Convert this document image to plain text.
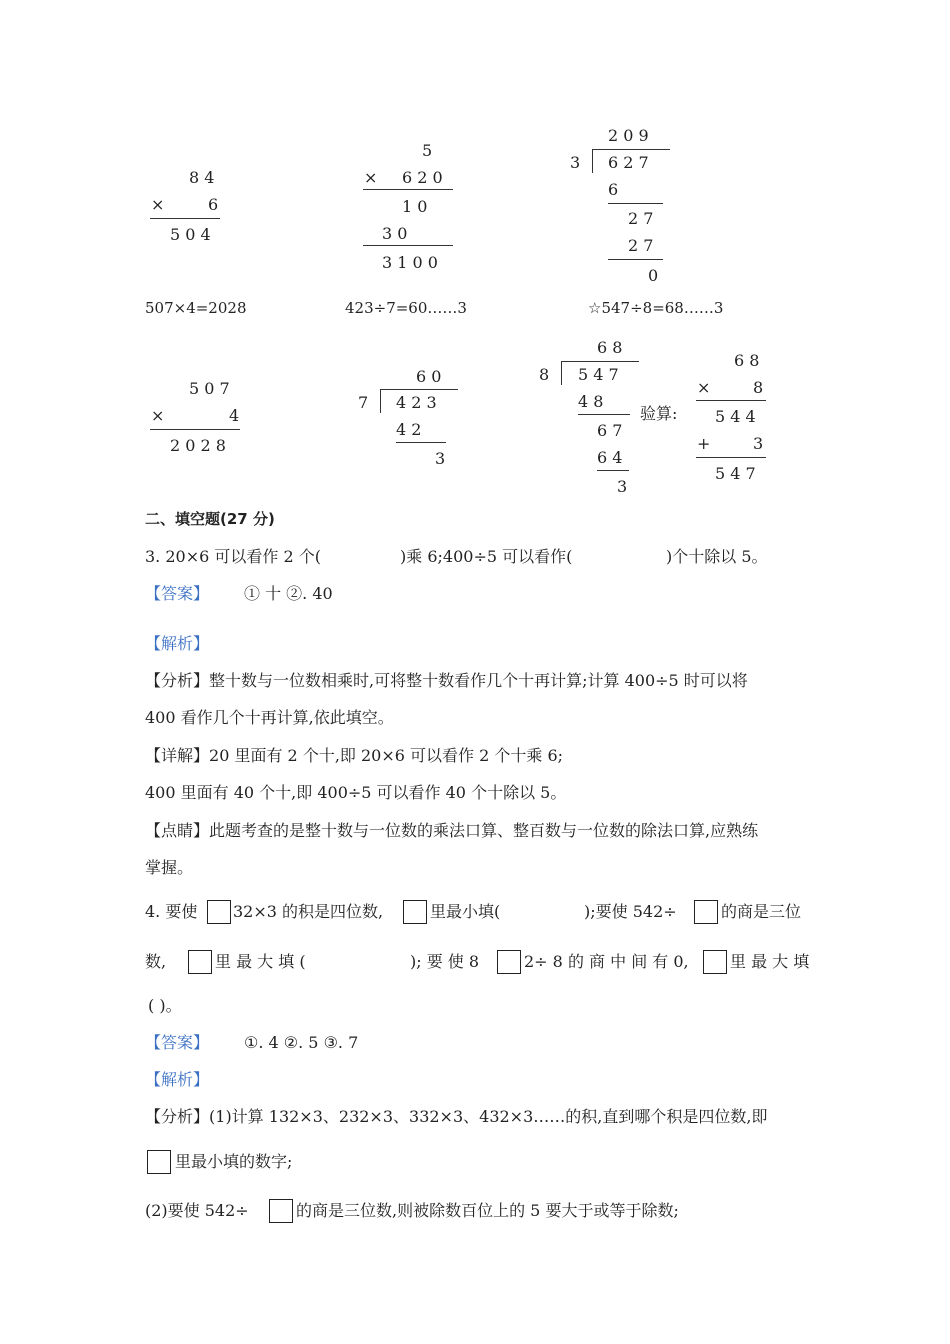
8 4
×	6
5 0 4
5
× 6 2 0
1 0
3 0
3 1 0 0
2 0 9
3 6 2 7
6
2 7
2 7
0
507×4=2028	423÷7=60……3	☆547÷8=68……3
5 0 7
×	4
2 0 2 8
6 0
7 4 2 3
4 2
3
6 8
8 5 4 7
4 8
6 7
6 4
3
验算:
6 8
×	8
5 4 4
+	3
5 4 7
二、填空题(27 分)
3. 20×6 可以看作 2 个(	)乘 6;400÷5 可以看作(	)个十除以 5。
【答案】 ① 十 ②. 40
【解析】
【分析】整十数与一位数相乘时,可将整十数看作几个十再计算;计算 400÷5 时可以将
400 看作几个十再计算,依此填空。
【详解】20 里面有 2 个十,即 20×6 可以看作 2 个十乘 6;
400 里面有 40 个十,即 400÷5 可以看作 40 个十除以 5。
【点睛】此题考查的是整十数与一位数的乘法口算、整百数与一位数的除法口算,应熟练
掌握。
4. 要使 32×3 的积是四位数,	里最小填(	);要使 542÷	的商是三位
数,	里 最 大 填 (	); 要 使 8	2÷ 8 的 商 中 间 有 0,	里 最 大 填
( )。
【答案】 ①. 4 ②. 5 ③. 7
【解析】
【分析】(1)计算 132×3、232×3、332×3、432×3……的积,直到哪个积是四位数,即
里最小填的数字;
(2)要使 542÷	的商是三位数,则被除数百位上的 5 要大于或等于除数;
